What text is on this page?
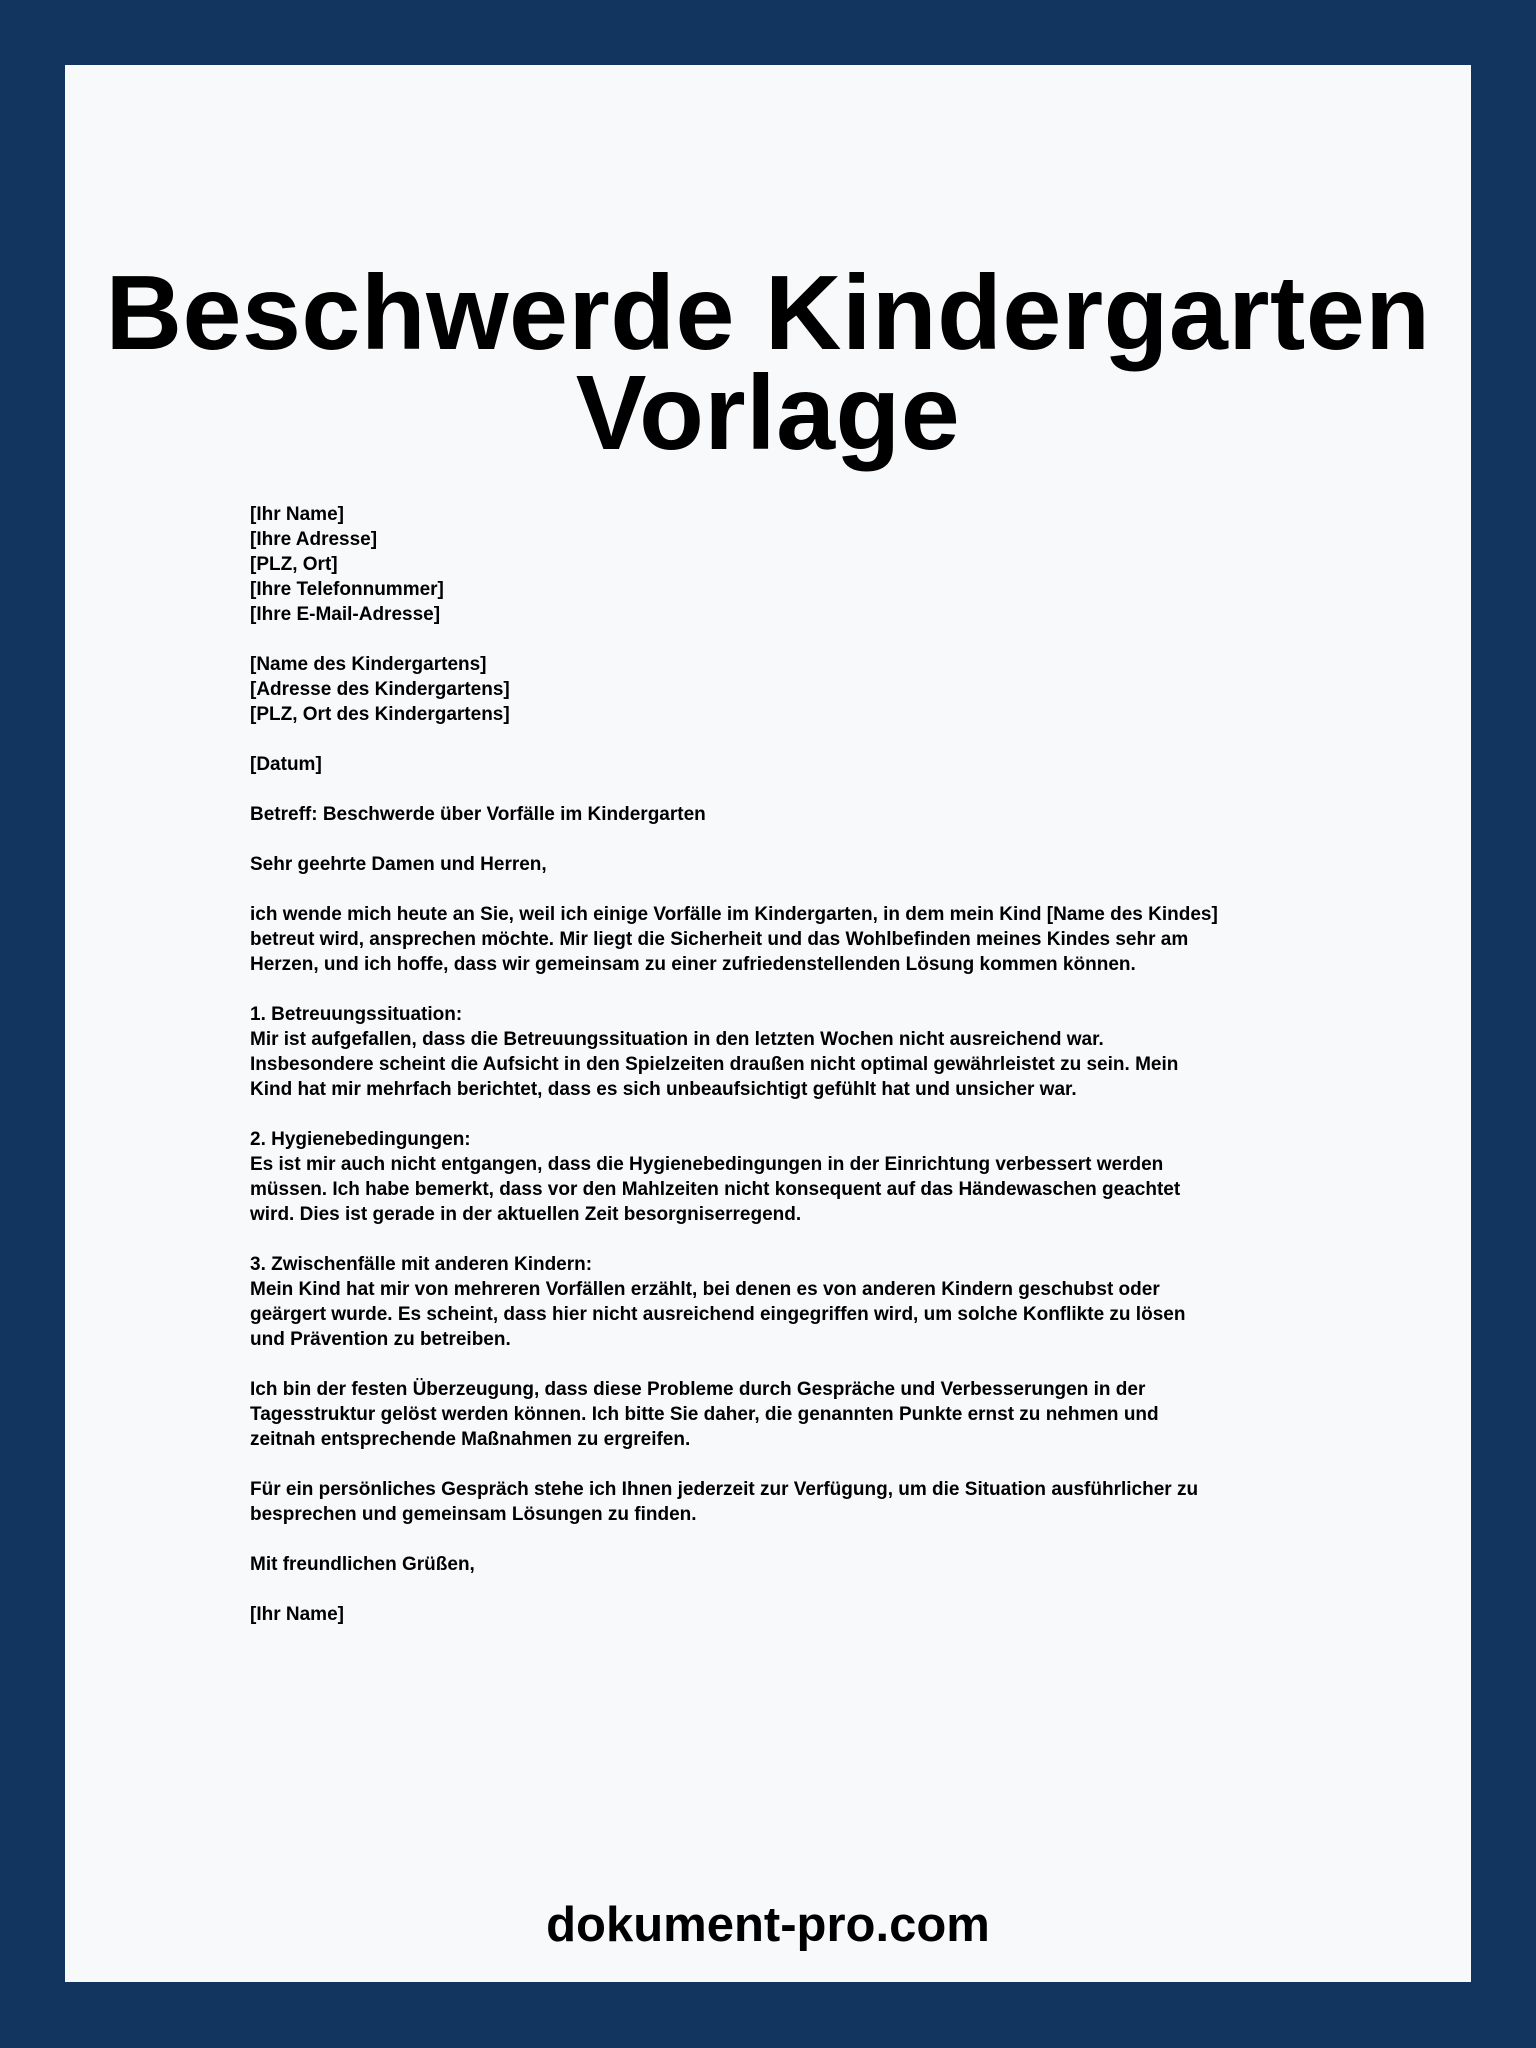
Beschwerde Kindergarten
Vorlage
[Ihr Name]
[Ihre Adresse]
[PLZ, Ort]
[Ihre Telefonnummer]
[Ihre E-Mail-Adresse]
[Name des Kindergartens]
[Adresse des Kindergartens]
[PLZ, Ort des Kindergartens]
[Datum]
Betreff: Beschwerde über Vorfälle im Kindergarten
Sehr geehrte Damen und Herren,
ich wende mich heute an Sie, weil ich einige Vorfälle im Kindergarten, in dem mein Kind [Name des Kindes]
betreut wird, ansprechen möchte. Mir liegt die Sicherheit und das Wohlbefinden meines Kindes sehr am
Herzen, und ich hoffe, dass wir gemeinsam zu einer zufriedenstellenden Lösung kommen können.
1. Betreuungssituation:
Mir ist aufgefallen, dass die Betreuungssituation in den letzten Wochen nicht ausreichend war.
Insbesondere scheint die Aufsicht in den Spielzeiten draußen nicht optimal gewährleistet zu sein. Mein
Kind hat mir mehrfach berichtet, dass es sich unbeaufsichtigt gefühlt hat und unsicher war.
2. Hygienebedingungen:
Es ist mir auch nicht entgangen, dass die Hygienebedingungen in der Einrichtung verbessert werden
müssen. Ich habe bemerkt, dass vor den Mahlzeiten nicht konsequent auf das Händewaschen geachtet
wird. Dies ist gerade in der aktuellen Zeit besorgniserregend.
3. Zwischenfälle mit anderen Kindern:
Mein Kind hat mir von mehreren Vorfällen erzählt, bei denen es von anderen Kindern geschubst oder
geärgert wurde. Es scheint, dass hier nicht ausreichend eingegriffen wird, um solche Konflikte zu lösen
und Prävention zu betreiben.
Ich bin der festen Überzeugung, dass diese Probleme durch Gespräche und Verbesserungen in der
Tagesstruktur gelöst werden können. Ich bitte Sie daher, die genannten Punkte ernst zu nehmen und
zeitnah entsprechende Maßnahmen zu ergreifen.
Für ein persönliches Gespräch stehe ich Ihnen jederzeit zur Verfügung, um die Situation ausführlicher zu
besprechen und gemeinsam Lösungen zu finden.
Mit freundlichen Grüßen,
[Ihr Name]
dokument-pro.com
